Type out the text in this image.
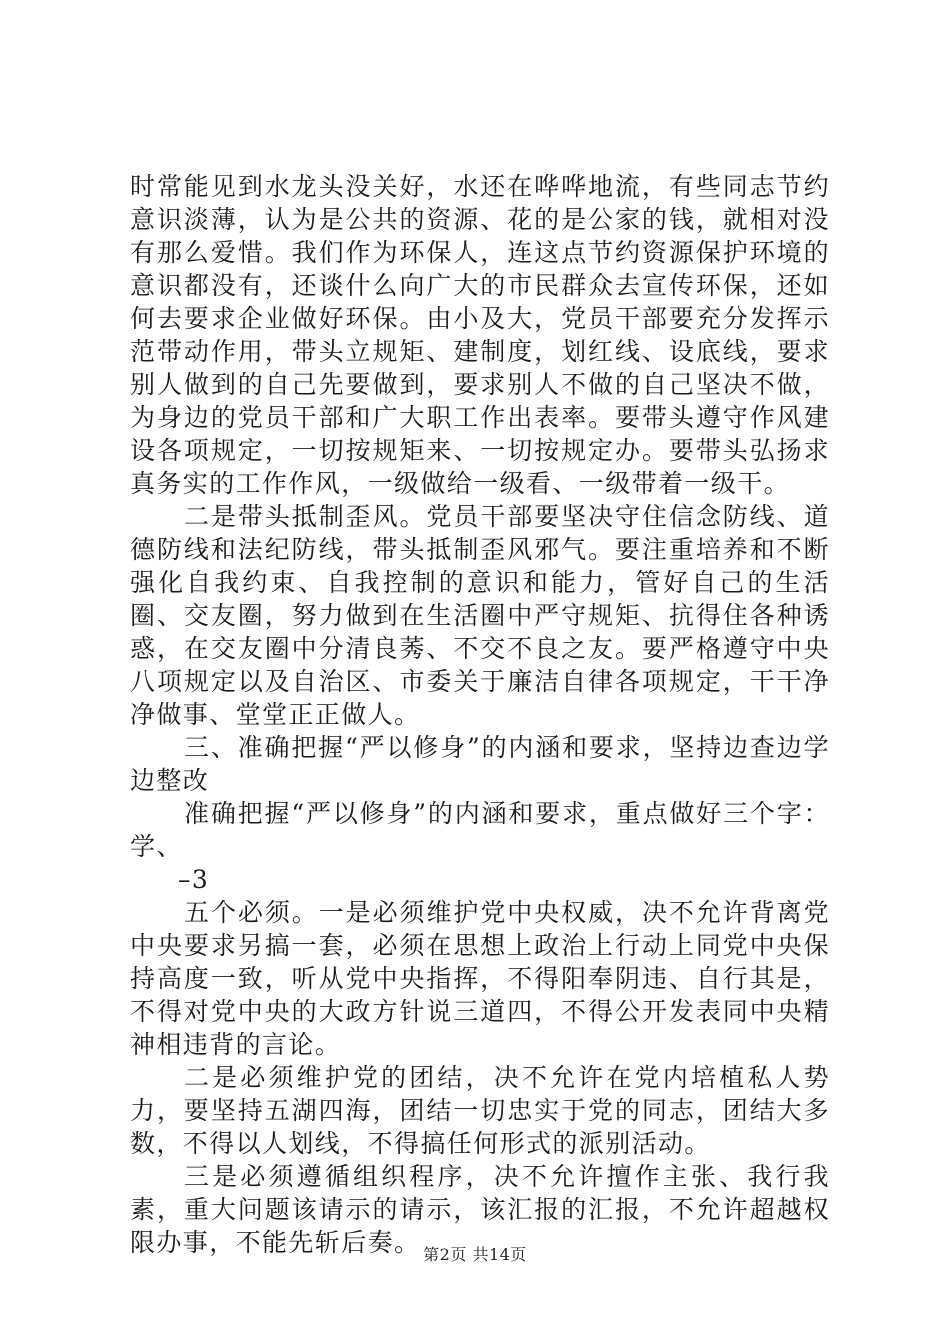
时常能见到水龙头没关好，水还在哗哗地流，有些同志节约意识淡薄，认为是公共的资源、花的是公家的钱，就相对没有那么爱惜。我们作为环保人，连这点节约资源保护环境的意识都没有，还谈什么向广大的市民群众去宣传环保，还如何去要求企业做好环保。由小及大，党员干部要充分发挥示范带动作用，带头立规矩、建制度，划红线、设底线，要求别人做到的自己先要做到，要求别人不做的自己坚决不做，为身边的党员干部和广大职工作出表率。要带头遵守作风建设各项规定，一切按规矩来、一切按规定办。要带头弘扬求真务实的工作作风，一级做给一级看、一级带着一级干。

二是带头抵制歪风。党员干部要坚决守住信念防线、道德防线和法纪防线，带头抵制歪风邪气。要注重培养和不断强化自我约束、自我控制的意识和能力，管好自己的生活圈、交友圈，努力做到在生活圈中严守规矩、抗得住各种诱惑，在交友圈中分清良莠、不交不良之友。要严格遵守中央八项规定以及自治区、市委关于廉洁自律各项规定，干干净净做事、堂堂正正做人。

三、准确把握“严以修身”的内涵和要求，坚持边查边学边整改

准确把握“严以修身”的内涵和要求，重点做好三个字：学、

–3

五个必须。一是必须维护党中央权威，决不允许背离党中央要求另搞一套，必须在思想上政治上行动上同党中央保持高度一致，听从党中央指挥，不得阳奉阴违、自行其是，不得对党中央的大政方针说三道四，不得公开发表同中央精神相违背的言论。

二是必须维护党的团结，决不允许在党内培植私人势力，要坚持五湖四海，团结一切忠实于党的同志，团结大多数，不得以人划线，不得搞任何形式的派别活动。

三是必须遵循组织程序，决不允许擅作主张、我行我素，重大问题该请示的请示，该汇报的汇报，不允许超越权限办事，不能先斩后奏。 第2页 共14页
